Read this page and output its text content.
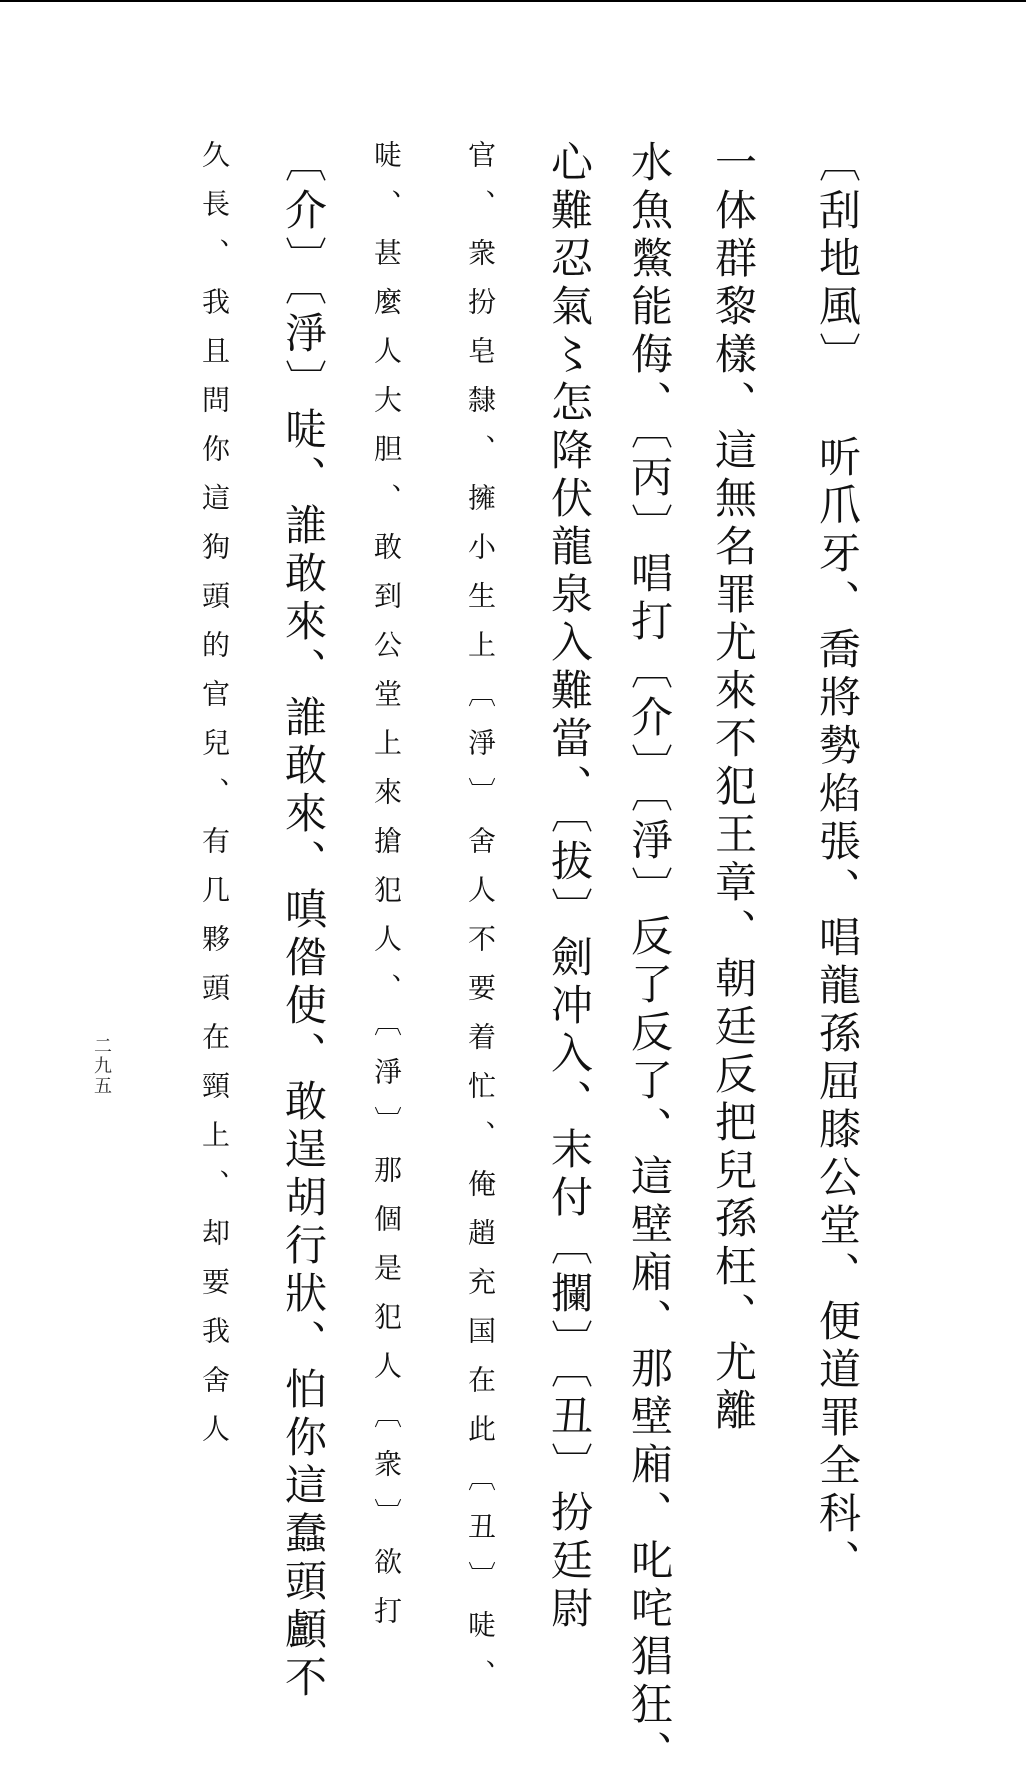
〔刮地風〕 听爪牙、喬將勢焰張、唱龍孫屈膝公堂、便道罪全科、
一体群黎樣、這無名罪尤來不犯王章、朝廷反把兒孫枉、尤離
水魚鱉能侮、〔丙〕唱打〔介〕〔淨〕反了反了、這壁廂、那壁廂、叱咤猖狂、
心難忍氣〻怎降伏龍泉入難當、〔拔〕劍冲入、末付〔攔〕〔丑〕扮廷尉
官、衆扮皂隸、擁小生上〔淨〕舍人不要着忙、俺趙充国在此〔丑〕唗、
唗、甚麼人大胆、敢到公堂上來搶犯人、〔淨〕那個是犯人〔衆〕欲打
〔介〕〔淨〕唗、誰敢來、誰敢來、嗔偺使、敢逞胡行狀、怕你這蠢頭顱不
久長、我且問你這狗頭的官兒、有几夥頭在頸上、却要我舍人
二九五
